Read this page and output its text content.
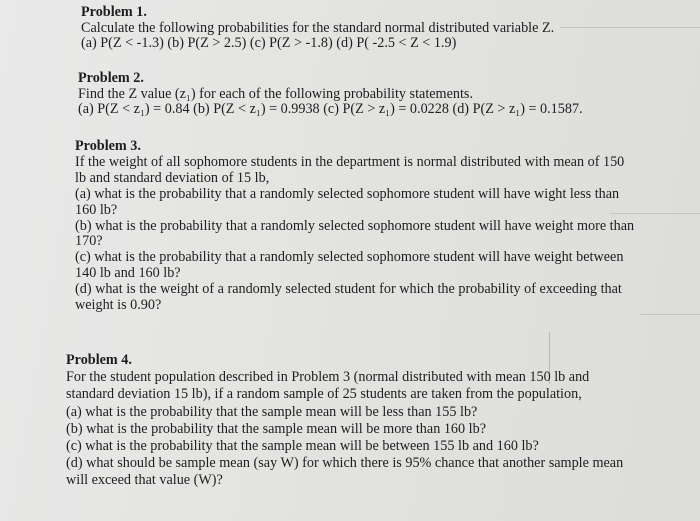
Problem 1.
Calculate the following probabilities for the standard normal distributed variable Z.
(a) P(Z < -1.3) (b) P(Z > 2.5) (c) P(Z > -1.8) (d) P( -2.5 < Z < 1.9)
Problem 2.
Find the Z value (z₁) for each of the following probability statements.
(a) P(Z < z₁) = 0.84 (b) P(Z < z₁) = 0.9938 (c) P(Z > z₁) = 0.0228 (d) P(Z > z₁) = 0.1587.
Problem 3.
If the weight of all sophomore students in the department is normal distributed with mean of 150
lb and standard deviation of 15 lb,
(a) what is the probability that a randomly selected sophomore student will have wight less than
160 lb?
(b) what is the probability that a randomly selected sophomore student will have weight more than
170?
(c) what is the probability that a randomly selected sophomore student will have weight between
140 lb and 160 lb?
(d) what is the weight of a randomly selected student for which the probability of exceeding that
weight is 0.90?
Problem 4.
For the student population described in Problem 3 (normal distributed with mean 150 lb and
standard deviation 15 lb), if a random sample of 25 students are taken from the population,
(a) what is the probability that the sample mean will be less than 155 lb?
(b) what is the probability that the sample mean will be more than 160 lb?
(c) what is the probability that the sample mean will be between 155 lb and 160 lb?
(d) what should be sample mean (say W) for which there is 95% chance that another sample mean
will exceed that value (W)?
